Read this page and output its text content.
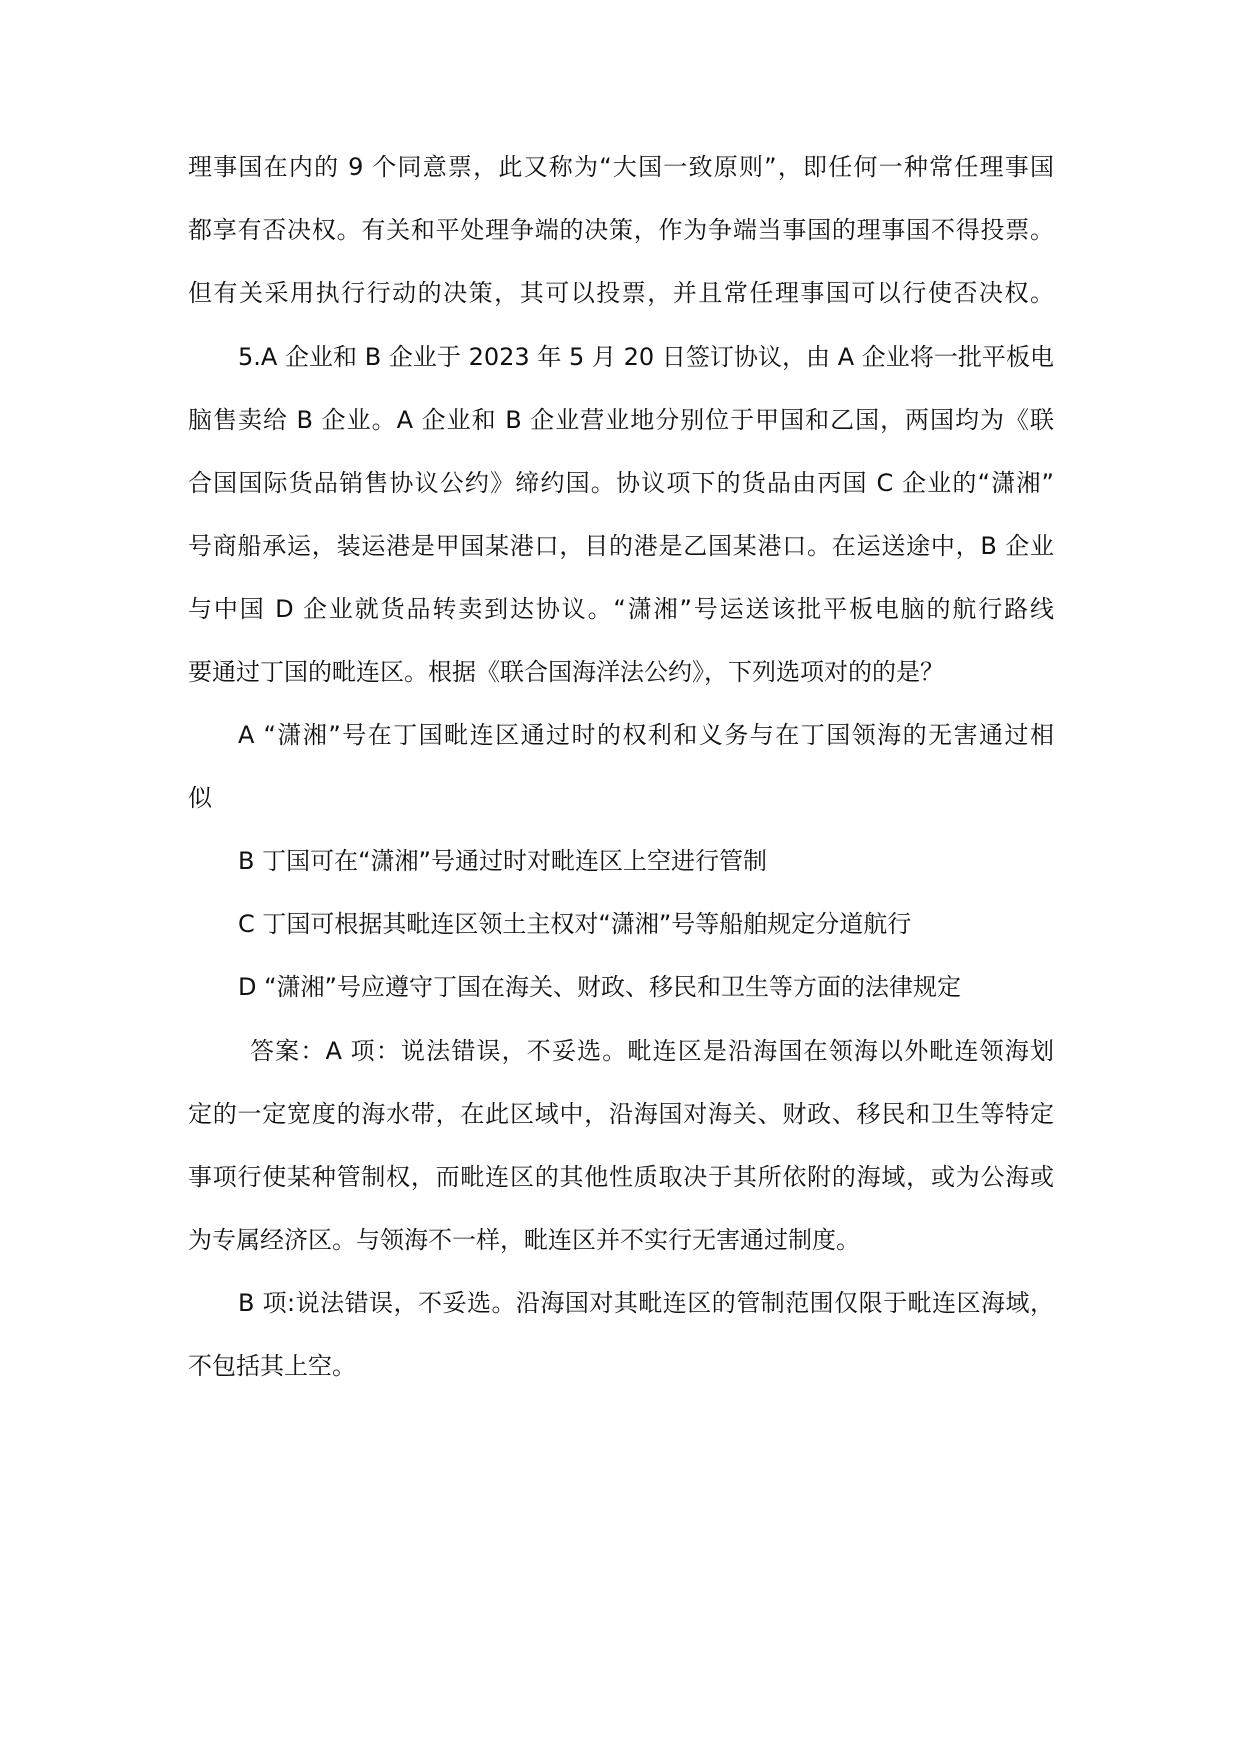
理事国在内的 9 个同意票，此又称为“大国一致原则”，即任何一种常任理事国
都享有否决权。有关和平处理争端的决策，作为争端当事国的理事国不得投票。
但有关采用执行行动的决策，其可以投票，并且常任理事国可以行使否决权。
5.A 企业和 B 企业于 2023 年 5 月 20 日签订协议，由 A 企业将一批平板电
脑售卖给 B 企业。A 企业和 B 企业营业地分别位于甲国和乙国，两国均为《联
合国国际货品销售协议公约》缔约国。协议项下的货品由丙国 C 企业的“潇湘”
号商船承运，装运港是甲国某港口，目的港是乙国某港口。在运送途中，B 企业
与中国 D 企业就货品转卖到达协议。“潇湘”号运送该批平板电脑的航行路线
要通过丁国的毗连区。根据《联合国海洋法公约》，下列选项对的的是？
A “潇湘”号在丁国毗连区通过时的权利和义务与在丁国领海的无害通过相
似
B 丁国可在“潇湘”号通过时对毗连区上空进行管制
C 丁国可根据其毗连区领土主权对“潇湘”号等船舶规定分道航行
D “潇湘”号应遵守丁国在海关、财政、移民和卫生等方面的法律规定
答案：A 项：说法错误，不妥选。毗连区是沿海国在领海以外毗连领海划
定的一定宽度的海水带，在此区域中，沿海国对海关、财政、移民和卫生等特定
事项行使某种管制权，而毗连区的其他性质取决于其所依附的海域，或为公海或
为专属经济区。与领海不一样，毗连区并不实行无害通过制度。
B 项:说法错误，不妥选。沿海国对其毗连区的管制范围仅限于毗连区海域，
不包括其上空。
